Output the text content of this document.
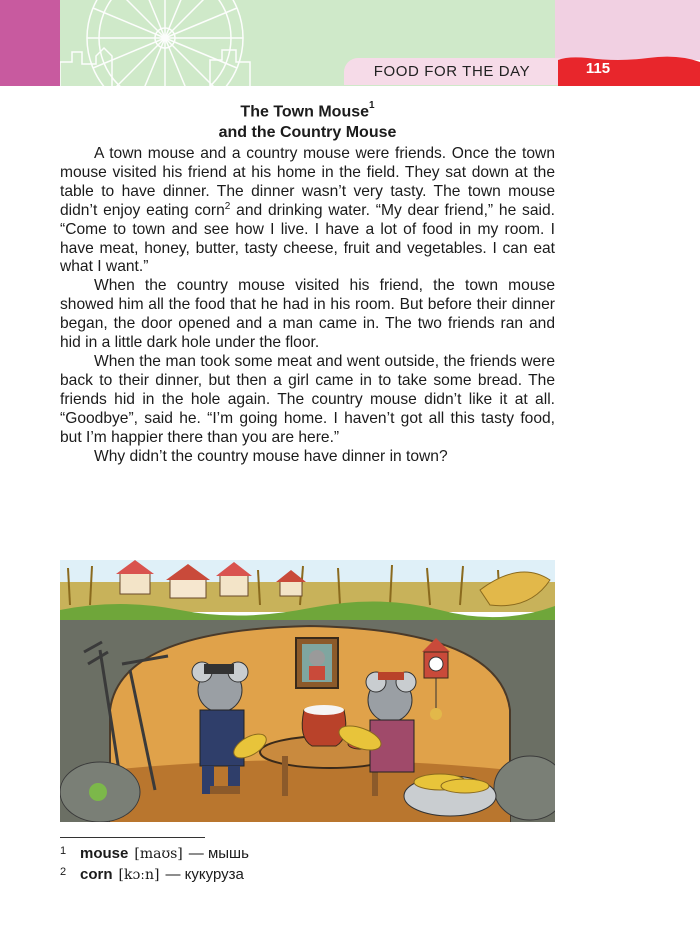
FOOD FOR THE DAY	115
The Town Mouse$^1$
and the Country Mouse

A town mouse and a country mouse were friends. Once the town mouse visited his friend at his home in the field. They sat down at the table to have dinner. The dinner wasn’t very tasty. The town mouse didn’t enjoy eating corn$^2$ and drinking water. “My dear friend,” he said. “Come to town and see how I live. I have a lot of food in my room. I have meat, honey, butter, tasty cheese, fruit and vegetables. I can eat what I want.”

When the country mouse visited his friend, the town mouse showed him all the food that he had in his room. But before their dinner began, the door opened and a man came in. The two friends ran and hid in a little dark hole under the floor.

When the man took some meat and went outside, the friends were back to their dinner, but then a girl came in to take some bread. The friends hid in the hole again. The country mouse didn’t like it at all. “Goodbye”, said he. “I’m going home. I haven’t got all this tasty food, but I’m happier there than you are here.”

Why didn’t the country mouse have dinner in town?

1 mouse [maʊs] —
мышь
2 corn [kɔːn] —
кукуруза
